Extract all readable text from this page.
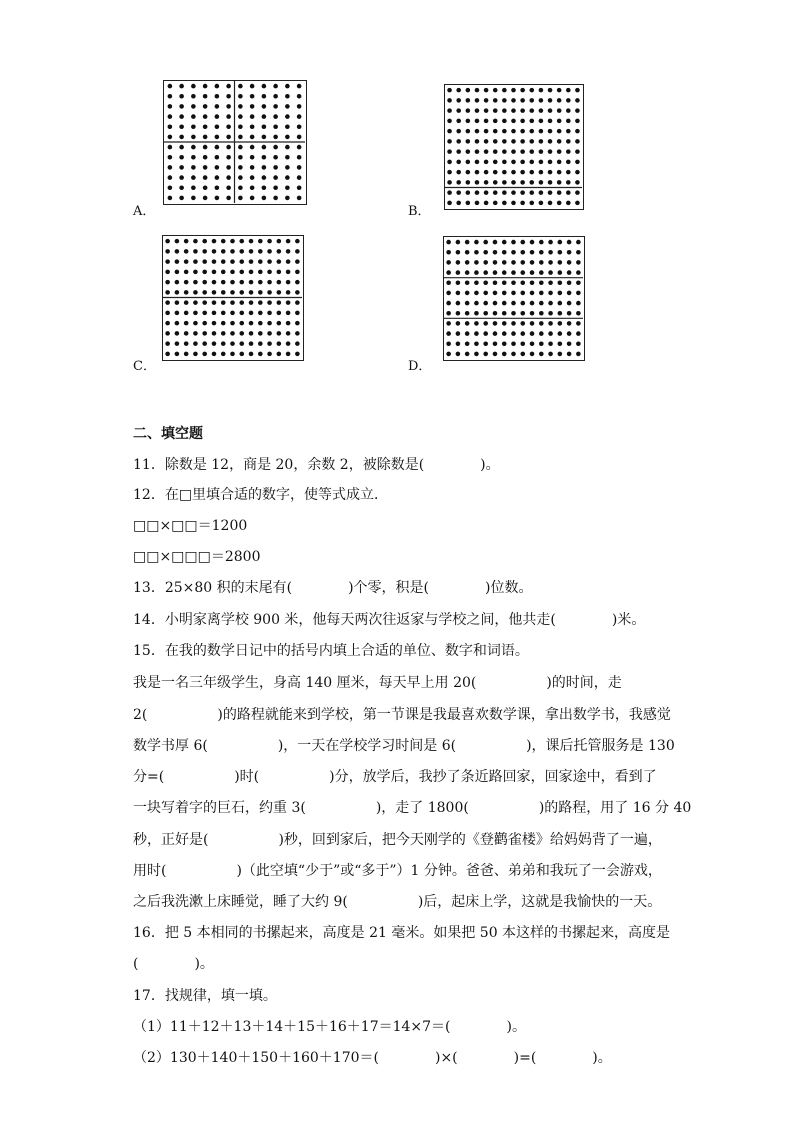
A．	B．
C．	D．
二、填空题
11．除数是 12，商是 20，余数 2，被除数是(　　　　)。
12．在□里填合适的数字，使等式成立．
□□×□□＝1200
□□×□□□＝2800
13．25×80 积的末尾有(　　　　)个零，积是(　　　　)位数。
14．小明家离学校 900 米，他每天两次往返家与学校之间，他共走(　　　　)米。
15．在我的数学日记中的括号内填上合适的单位、数字和词语。
我是一名三年级学生，身高 140 厘米，每天早上用 20(　　　　　)的时间，走
2(　　　　　)的路程就能来到学校，第一节课是我最喜欢数学课，拿出数学书，我感觉
数学书厚 6(　　　　　)，一天在学校学习时间是 6(　　　　　)，课后托管服务是 130
分=(　　　　　)时(　　　　　)分，放学后，我抄了条近路回家，回家途中，看到了
一块写着字的巨石，约重 3(　　　　　)，走了 1800(　　　　　)的路程，用了 16 分 40
秒，正好是(　　　　　)秒，回到家后，把今天刚学的《登鹳雀楼》给妈妈背了一遍，
用时(　　　　　)（此空填“少于”或“多于”）1 分钟。爸爸、弟弟和我玩了一会游戏，
之后我洗漱上床睡觉，睡了大约 9(　　　　　)后，起床上学，这就是我愉快的一天。
16．把 5 本相同的书摞起来，高度是 21 毫米。如果把 50 本这样的书摞起来，高度是
(　　　　)。
17．找规律，填一填。
（1）11＋12＋13＋14＋15＋16＋17＝14×7＝(　　　　)。
（2）130＋140＋150＋160＋170＝(　　　　)×(　　　　)=(　　　　)。
